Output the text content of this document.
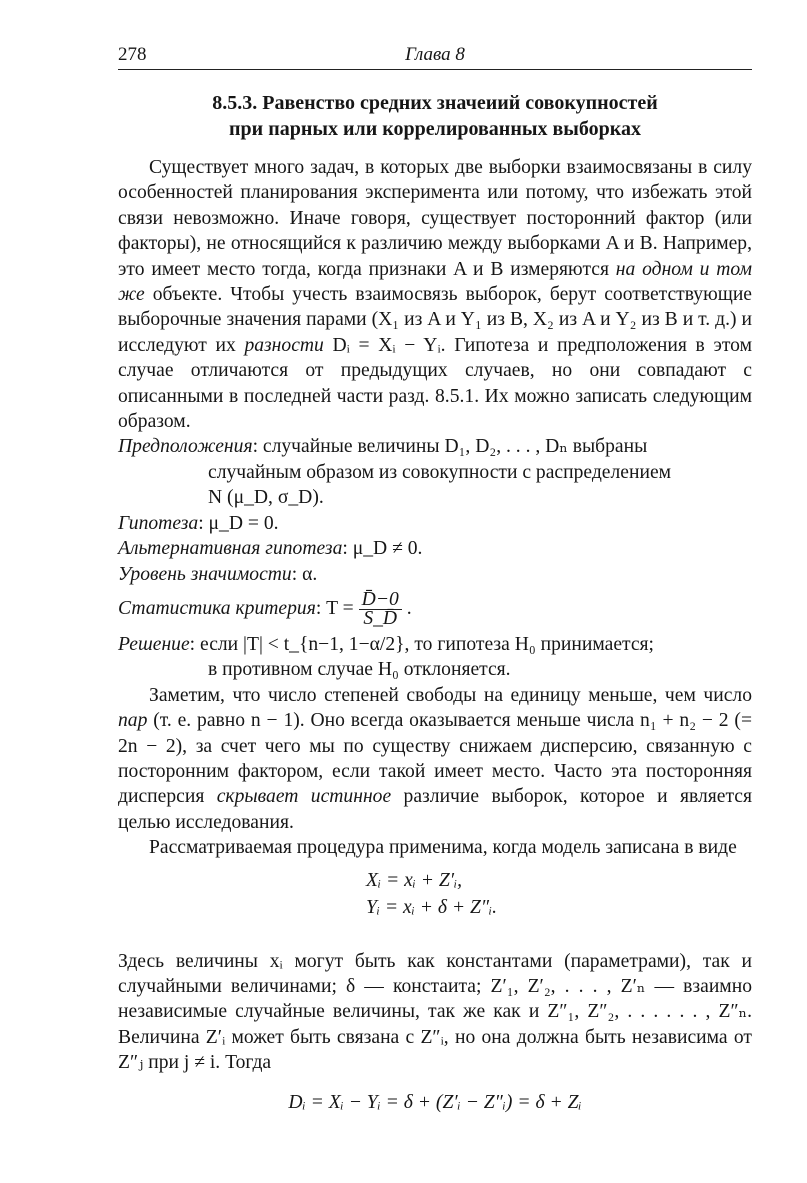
278	Глава 8
8.5.3. Равенство средних значеиий совокупностей
при парных или коррелированных выборках

Существует много задач, в которых две выборки взаимосвязаны в силу особенностей планирования эксперимента или потому, что избежать этой связи невозможно. Иначе говоря, существует посторонний фактор (или факторы), не относящийся к различию между выборками A и B. Например, это имеет место тогда, когда признаки A и B измеряются на одном и том же объекте. Чтобы учесть взаимосвязь выборок, берут соответствующие выборочные значения парами (X₁ из A и Y₁ из B, X₂ из A и Y₂ из B и т. д.) и исследуют их разности Dᵢ = Xᵢ − Yᵢ. Гипотеза и предположения в этом случае отличаются от предыдущих случаев, но они совпадают с описанными в последней части разд. 8.5.1. Их можно записать следующим образом.

Предположения: случайные величины D₁, D₂, . . . , Dₙ выбраны
случайным образом из совокупности с распределением
N (μ_D, σ_D).
Гипотеза: μ_D = 0.
Альтернативная гипотеза: μ_D ≠ 0.
Уровень значимости: α.
Статистика критерия: $T = \frac{D̄-0}{S\_D̄}$ .
Решение: если |T| < t_{n−1, 1−α/2}, то гипотеза H₀ принимается;
в противном случае H₀ отклоняется.

Заметим, что число степеней свободы на единицу меньше, чем число пар (т. е. равно n − 1). Оно всегда оказывается меньше числа n₁ + n₂ − 2 (= 2n − 2), за счет чего мы по существу снижаем дисперсию, связанную с посторонним фактором, если такой имеет место. Часто эта посторонняя дисперсия скрывает истинное различие выборок, которое и является целью исследования.

Рассматриваемая процедура применима, когда модель записана в виде

Xᵢ = xᵢ + Z′ᵢ,
Yᵢ = xᵢ + δ + Z″ᵢ.
Здесь величины xᵢ могут быть как константами (параметрами), так и случайными величинами; δ — констаита; Z′₁, Z′₂, . . . , Z′ₙ — взаимно независимые случайные величины, так же как и Z″₁, Z″₂, . . . . . . , Z″ₙ. Величина Z′ᵢ может быть связана с Z″ᵢ, но она должна быть независима от Z″ⱼ при j ≠ i. Тогда
Dᵢ = Xᵢ − Yᵢ = δ + (Z′ᵢ − Z″ᵢ) = δ + Zᵢ
